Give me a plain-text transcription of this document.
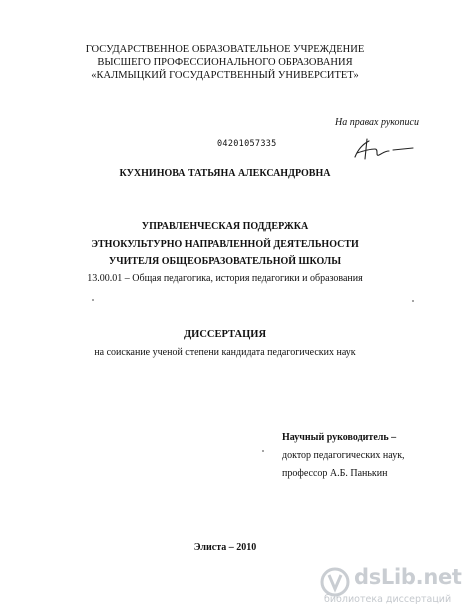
ГОСУДАРСТВЕННОЕ ОБРАЗОВАТЕЛЬНОЕ УЧРЕЖДЕНИЕ
ВЫСШЕГО ПРОФЕССИОНАЛЬНОГО ОБРАЗОВАНИЯ
«КАЛМЫЦКИЙ ГОСУДАРСТВЕННЫЙ УНИВЕРСИТЕТ»
На правах рукописи
04201057335
КУХНИНОВА ТАТЬЯНА АЛЕКСАНДРОВНА
УПРАВЛЕНЧЕСКАЯ ПОДДЕРЖКА
ЭТНОКУЛЬТУРНО НАПРАВЛЕННОЙ ДЕЯТЕЛЬНОСТИ
УЧИТЕЛЯ ОБЩЕОБРАЗОВАТЕЛЬНОЙ ШКОЛЫ
13.00.01 – Общая педагогика, история педагогики и образования
ДИССЕРТАЦИЯ
на соискание ученой степени кандидата педагогических наук
Научный руководитель –
доктор педагогических наук,
профессор А.Б. Панькин
Элиста – 2010
dsLib.net
библиотека диссертаций
